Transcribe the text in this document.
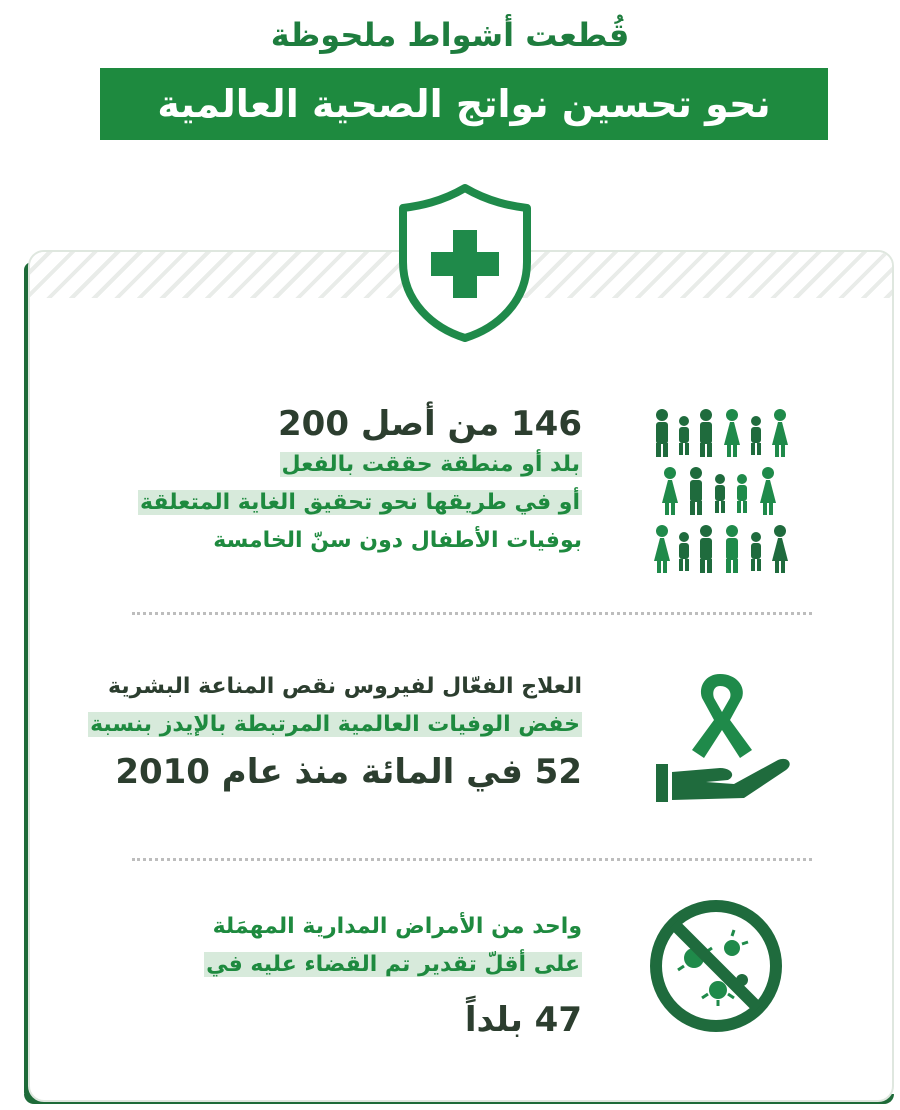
قُطعت أشواط ملحوظة
نحو تحسين نواتج الصحية العالمية
146 من أصل 200
بلد أو منطقة حققت بالفعل
أو في طريقها نحو تحقيق الغاية المتعلقة
بوفيات الأطفال دون سنّ الخامسة
العلاج الفعّال لفيروس نقص المناعة البشرية
خفض الوفيات العالمية المرتبطة بالإيدز بنسبة
52 في المائة منذ عام 2010
واحد من الأمراض المدارية المهمَلة
على أقلّ تقدير تم القضاء عليه في
47 بلداً
